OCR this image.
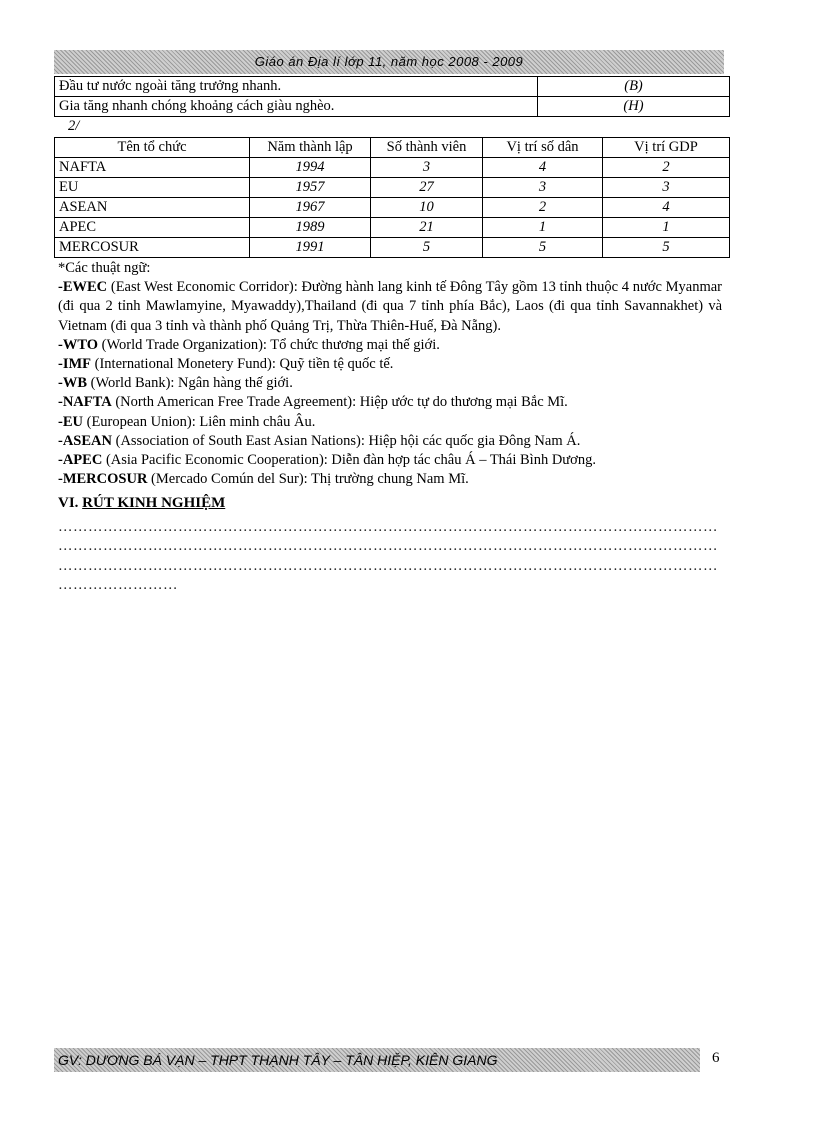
Giáo án Địa lí lớp 11, năm học 2008 - 2009
Đầu tư nước ngoài tăng trưởng nhanh.	(B)
Gia tăng nhanh chóng khoảng cách giàu nghèo.	(H)
2/
Tên tổ chức	Năm thành lập	Số thành viên	Vị trí số dân	Vị trí GDP
NAFTA	1994	3	4	2
EU	1957	27	3	3
ASEAN	1967	10	2	4
APEC	1989	21	1	1
MERCOSUR	1991	5	5	5

*Các thuật ngữ:

-EWEC (East West Economic Corridor): Đường hành lang kinh tế Đông Tây gồm 13 tỉnh thuộc 4 nước Myanmar (đi qua 2 tỉnh Mawlamyine, Myawaddy),Thailand (đi qua 7 tỉnh phía Bắc), Laos (đi qua tỉnh Savannakhet) và Vietnam (đi qua 3 tỉnh và thành phố Quảng Trị, Thừa Thiên-Huế, Đà Nẵng).

-WTO (World Trade Organization): Tổ chức thương mại thế giới.

-IMF (International Monetery Fund): Quỹ tiền tệ quốc tế.

-WB (World Bank): Ngân hàng thế giới.

-NAFTA (North American Free Trade Agreement): Hiệp ước tự do thương mại Bắc Mĩ.

-EU (European Union): Liên minh châu Âu.

-ASEAN (Association of South East Asian Nations): Hiệp hội các quốc gia Đông Nam Á.

-APEC (Asia Pacific Economic Cooperation): Diễn đàn hợp tác châu Á – Thái Bình Dương.

-MERCOSUR (Mercado Común del Sur): Thị trường chung Nam Mĩ.

VI. RÚT KINH NGHIỆM
……………………………………………………………………………………………………………………
……………………………………………………………………………………………………………………
……………………………………………………………………………………………………………………
……………………
GV: DƯƠNG BÁ VẠN – THPT THẠNH TÂY – TÂN HIỆP, KIÊN GIANG	6
